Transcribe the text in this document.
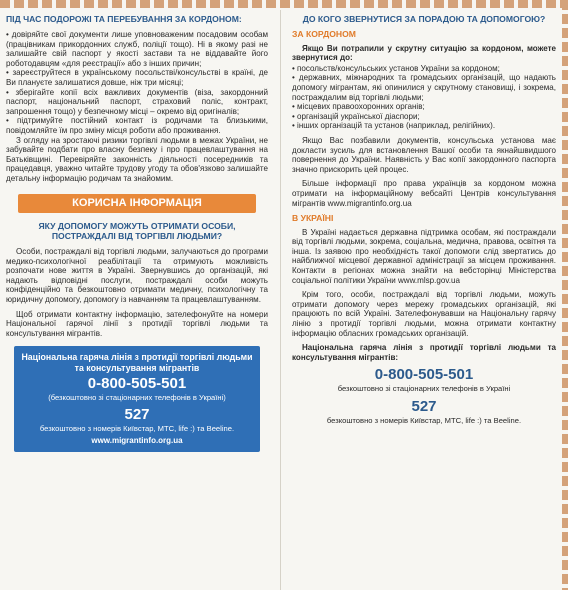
ПІД ЧАС ПОДОРОЖІ ТА ПЕРЕБУВАННЯ ЗА КОРДОНОМ:
• довіряйте свої документи лише уповноваженим посадовим особам (працівникам прикордонних служб, поліції тощо). Ні в якому разі не залишайте свій паспорт у якості застави та не віддавайте його роботодавцям «для реєстрації» або з інших причин;
• зареєструйтеся в українському посольстві/консульстві в країні, де Ви плануєте залишатися довше, ніж три місяці;
• зберігайте копії всіх важливих документів (віза, закордонний паспорт, національний паспорт, страховий поліс, контракт, запрошення тощо) у безпечному місці – окремо від оригіналів;
• підтримуйте постійний контакт із родичами та близькими, повідомляйте їм про зміну місця роботи або проживання.

З огляду на зростаючі ризики торгівлі людьми в межах України, не забувайте подбати про власну безпеку і про працевлаштування на Батьківщині. Перевіряйте законність діяльності посередників та працедавця, уважно читайте трудову угоду та обов'язково залишайте детальну інформацію родичам та знайомим.

КОРИСНА ІНФОРМАЦІЯ
ЯКУ ДОПОМОГУ МОЖУТЬ ОТРИМАТИ ОСОБИ, ПОСТРАЖДАЛІ ВІД ТОРГІВЛІ ЛЮДЬМИ?

Особи, постраждалі від торгівлі людьми, залучаються до програми медико-психологічної реабілітації та отримують можливість розпочати нове життя в Україні. Звернувшись до організацій, які надають відповідні послуги, постраждалі особи можуть конфіденційно та безкоштовно отримати медичну, психологічну та юридичну допомогу, допомогу із навчанням та працевлаштуванням.

Щоб отримати контактну інформацію, зателефонуйте на номери Національної гарячої лінії з протидії торгівлі людьми та консультування мігрантів.

Національна гаряча лінія з протидії торгівлі людьми та консультування мігрантів
0-800-505-501
(безкоштовно зі стаціонарних телефонів в Україні)
527
безкоштовно з номерів Київстар, МТС, life :) та Beeline.
www.migrantinfo.org.ua
ДО КОГО ЗВЕРНУТИСЯ ЗА ПОРАДОЮ ТА ДОПОМОГОЮ?
ЗА КОРДОНОМ

Якщо Ви потрапили у скрутну ситуацію за кордоном, можете звернутися до:

• посольств/консульських установ України за кордоном;
• державних, міжнародних та громадських організацій, що надають допомогу мігрантам, які опинилися у скрутному становищі, і зокрема, постраждалим від торгівлі людьми;
• місцевих правоохоронних органів;
• організацій української діаспори;
• інших організацій та установ (наприклад, релігійних).

Якщо Вас позбавили документів, консульська установа має докласти зусиль для встановлення Вашої особи та якнайшвидшого повернення до України. Наявність у Вас копії закордонного паспорта значно прискорить цей процес.

Більше інформації про права українців за кордоном можна отримати на інформаційному вебсайті Центрів консультування мігрантів www.migrantinfo.org.ua

В УКРАЇНІ

В Україні надається державна підтримка особам, які постраждали від торгівлі людьми, зокрема, соціальна, медична, правова, освітня та інша. Із заявою про необхідність такої допомоги слід звертатись до найближчої місцевої державної адміністрації за місцем проживання. Контакти в регіонах можна знайти на вебсторінці Міністерства соціальної політики України www.mlsp.gov.ua

Крім того, особи, постраждалі від торгівлі людьми, можуть отримати допомогу через мережу громадських організацій, які працюють по всій Україні. Зателефонувавши на Національну гарячу лінію з протидії торгівлі людьми, можна отримати контактну інформацію обласних громадських організацій.

Національна гаряча лінія з протидії торгівлі людьми та консультування мігрантів:

0-800-505-501
безкоштовно зі стаціонарних телефонів в Україні
527
безкоштовно з номерів Київстар, МТС, life :) та Beeline.
